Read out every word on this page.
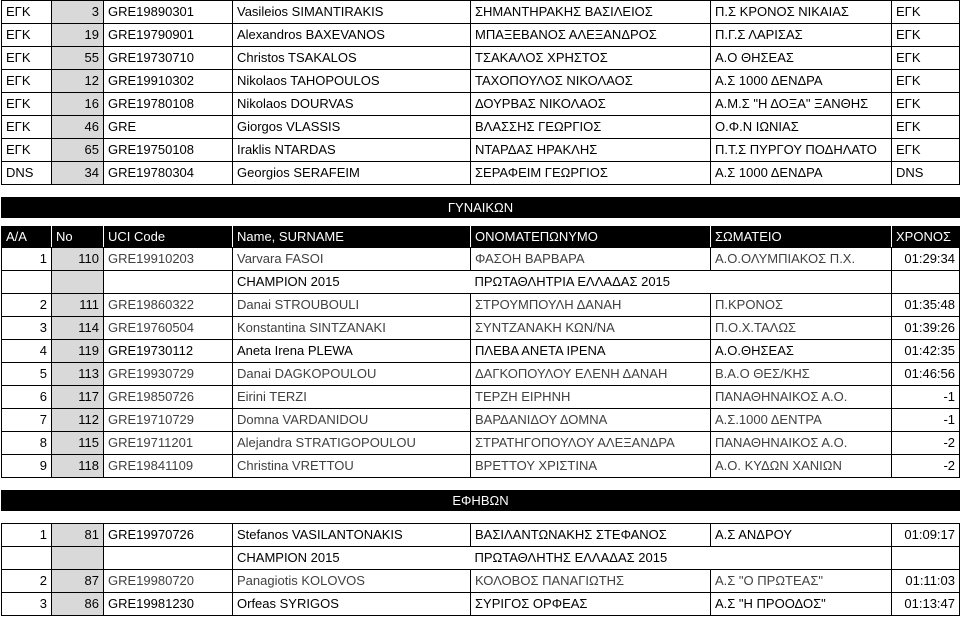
ΕΓΚ	3	GRE19890301	Vasileios SIMANTIRAKIS	ΣΗΜΑΝΤΗΡΑΚΗΣ ΒΑΣΙΛΕΙΟΣ	Π.Σ ΚΡΟΝΟΣ ΝΙΚΑΙΑΣ	ΕΓΚ
ΕΓΚ	19	GRE19790901	Alexandros BAXEVANOS	ΜΠΑΞΕΒΑΝΟΣ ΑΛΕΞΑΝΔΡΟΣ	Π.Γ.Σ ΛΑΡΙΣΑΣ	ΕΓΚ
ΕΓΚ	55	GRE19730710	Christos TSAKALOS	ΤΣΑΚΑΛΟΣ ΧΡΗΣΤΟΣ	Α.Ο ΘΗΣΕΑΣ	ΕΓΚ
ΕΓΚ	12	GRE19910302	Nikolaos TAHOPOULOS	ΤΑΧΟΠΟΥΛΟΣ ΝΙΚΟΛΑΟΣ	Α.Σ 1000 ΔΕΝΔΡΑ	ΕΓΚ
ΕΓΚ	16	GRE19780108	Nikolaos DOURVAS	ΔΟΥΡΒΑΣ ΝΙΚΟΛΑΟΣ	Α.Μ.Σ "Η ΔΟΞΑ" ΞΑΝΘΗΣ	ΕΓΚ
ΕΓΚ	46	GRE	Giorgos VLASSIS	ΒΛΑΣΣΗΣ ΓΕΩΡΓΙΟΣ	Ο.Φ.Ν ΙΩΝΙΑΣ	ΕΓΚ
ΕΓΚ	65	GRE19750108	Iraklis NTARDAS	ΝΤΑΡΔΑΣ ΗΡΑΚΛΗΣ	Π.Τ.Σ ΠΥΡΓΟΥ ΠΟΔΗΛΑΤΟ	ΕΓΚ
DNS	34	GRE19780304	Georgios SERAFEIM	ΣΕΡΑΦΕΙΜ ΓΕΩΡΓΙΟΣ	Α.Σ 1000 ΔΕΝΔΡΑ	DNS

ΓΥΝΑΙΚΩΝ						

A/A	No	UCI Code	Name, SURNAME	ΟΝΟΜΑΤΕΠΩΝΥΜΟ	ΣΩΜΑΤΕΙΟ	ΧΡΟΝΟΣ
1	110	GRE19910203	Varvara FASOI	ΦΑΣΟΗ ΒΑΡΒΑΡΑ	Α.Ο.ΟΛΥΜΠΙΑΚΟΣ Π.Χ.	01:29:34
			CHAMPION 2015	ΠΡΩΤΑΘΛΗΤΡΙΑ ΕΛΛΑΔΑΣ 2015		
2	111	GRE19860322	Danai STROUBOULI	ΣΤΡΟΥΜΠΟΥΛΗ ΔΑΝΑΗ	Π.ΚΡΟΝΟΣ	01:35:48
3	114	GRE19760504	Konstantina SINTZANAKI	ΣΥΝΤΖΑΝΑΚΗ ΚΩΝ/ΝΑ	Π.Ο.Χ.ΤΑΛΩΣ	01:39:26
4	119	GRE19730112	Aneta Irena PLEWA	ΠΛΕΒΑ ΑΝΕΤΑ ΙΡΕΝΑ	Α.Ο.ΘΗΣΕΑΣ	01:42:35
5	113	GRE19930729	Danai DAGKOPOULOU	ΔΑΓΚΟΠΟΥΛΟΥ ΕΛΕΝΗ ΔΑΝΑΗ	Β.Α.Ο ΘΕΣ/ΚΗΣ	01:46:56
6	117	GRE19850726	Eirini TERZI	ΤΕΡΖΗ ΕΙΡΗΝΗ	ΠΑΝΑΘΗΝΑΙΚΟΣ Α.Ο.	-1
7	112	GRE19710729	Domna VARDANIDOU	ΒΑΡΔΑΝΙΔΟΥ ΔΟΜΝΑ	Α.Σ.1000 ΔΕΝΤΡΑ	-1
8	115	GRE19711201	Alejandra STRATIGOPOULOU	ΣΤΡΑΤΗΓΟΠΟΥΛΟΥ ΑΛΕΞΑΝΔΡΑ	ΠΑΝΑΘΗΝΑΙΚΟΣ Α.Ο.	-2
9	118	GRE19841109	Christina VRETTOU	ΒΡΕΤΤΟΥ ΧΡΙΣΤΙΝΑ	Α.Ο. ΚΥΔΩΝ ΧΑΝΙΩΝ	-2

ΕΦΗΒΩΝ						

1	81	GRE19970726	Stefanos VASILANTONAKIS	ΒΑΣΙΛΑΝΤΩΝΑΚΗΣ ΣΤΕΦΑΝΟΣ	Α.Σ ΑΝΔΡΟΥ	01:09:17
			CHAMPION 2015	ΠΡΩΤΑΘΛΗΤΗΣ ΕΛΛΑΔΑΣ 2015		
2	87	GRE19980720	Panagiotis KOLOVOS	ΚΟΛΟΒΟΣ ΠΑΝΑΓΙΩΤΗΣ	Α.Σ "Ο ΠΡΩΤΕΑΣ"	01:11:03
3	86	GRE19981230	Orfeas SYRIGOS	ΣΥΡΙΓΟΣ ΟΡΦΕΑΣ	Α.Σ "Η ΠΡΟΟΔΟΣ"	01:13:47
